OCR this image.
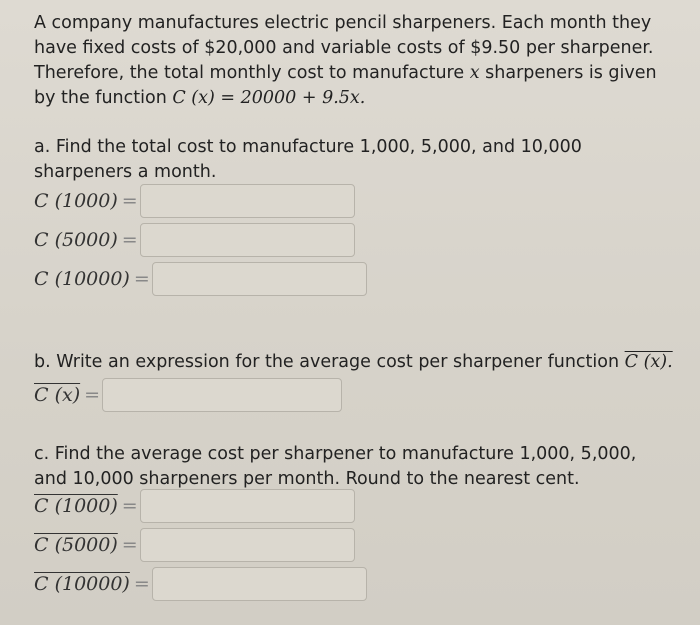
A company manufactures electric pencil sharpeners. Each month they
have fixed costs of $20,000 and variable costs of $9.50 per sharpener.
Therefore, the total monthly cost to manufacture x sharpeners is given
by the function C (x) = 20000 + 9.5x.
a. Find the total cost to manufacture 1,000, 5,000, and 10,000 sharpeners a month.
C (1000) =
C (5000) =
C (10000) =
b. Write an expression for the average cost per sharpener function C (x).
C (x) =
c. Find the average cost per sharpener to manufacture 1,000, 5,000, and 10,000 sharpeners per month. Round to the nearest cent.
C (1000) =
C (5000) =
C (10000) =
